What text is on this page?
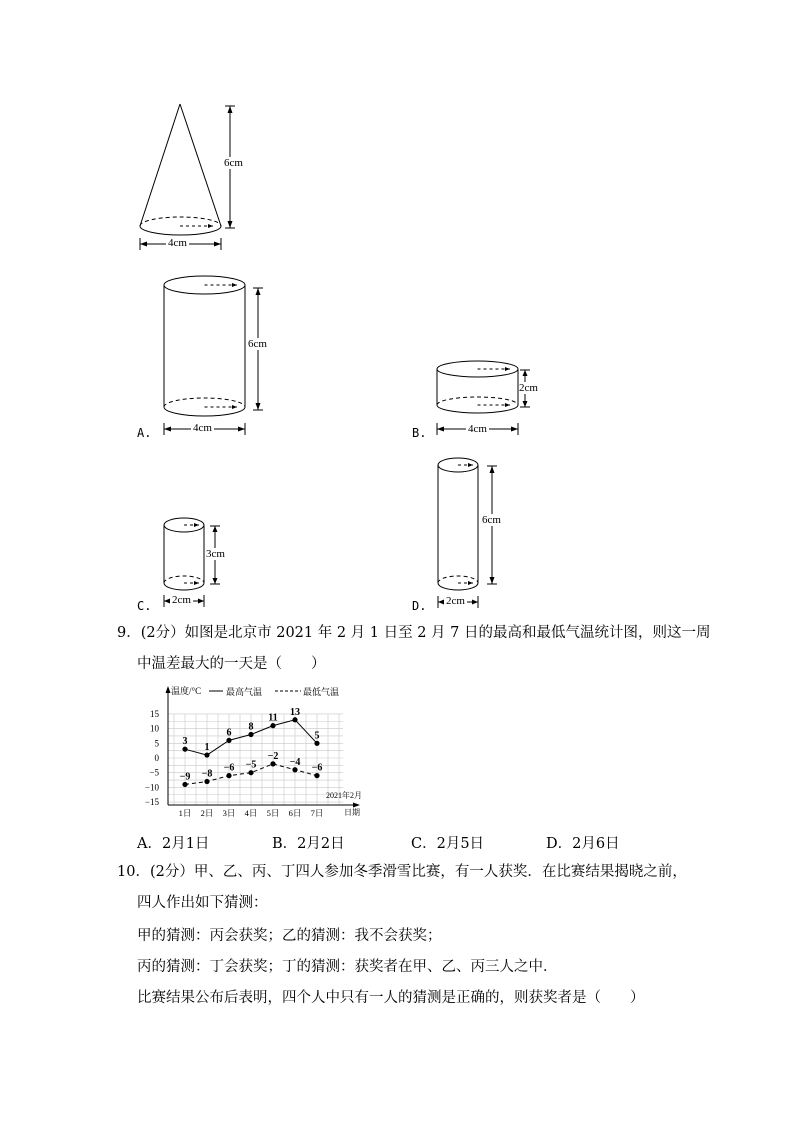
6cm
4cm
A.
6cm
4cm	B.
2cm
4cm
C.
3cm
2cm	D.
6cm
2cm
9．(2分）如图是北京市 2021 年 2 月 1 日至 2 月 7 日的最高和最低气温统计图，则这一周
中温差最大的一天是（　　）
温度/°C	最高气温	最低气温
2021年2月
日期
15
10
5
0
−5
−10
−15
1日 2日 3日 4日 5日 6日 7日
3
1
6
8
11
13
5
−9 −8
−6 −5
−2
−4
−6
A．2月1日	B．2月2日	C．2月5日	D．2月6日
10．(2分）甲、乙、丙、丁四人参加冬季滑雪比赛，有一人获奖．在比赛结果揭晓之前，
四人作出如下猜测：
甲的猜测：丙会获奖；乙的猜测：我不会获奖；
丙的猜测：丁会获奖；丁的猜测：获奖者在甲、乙、丙三人之中．
比赛结果公布后表明，四个人中只有一人的猜测是正确的，则获奖者是（　　）
